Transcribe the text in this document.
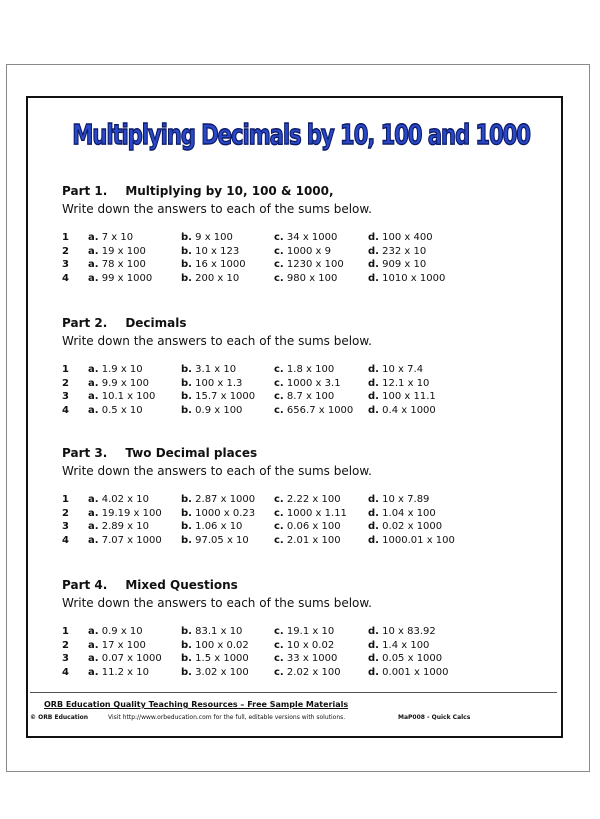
Multiplying Decimals by 10, 100 and 1000
Part 1. Multiplying by 10, 100 & 1000,
Write down the answers to each of the sums below.
1 a. 7 x 10	b. 9 x 100	c. 34 x 1000	d. 100 x 400
2 a. 19 x 100	b. 10 x 123	c. 1000 x 9	d. 232 x 10
3 a. 78 x 100	b. 16 x 1000	c. 1230 x 100 d. 909 x 10
4 a. 99 x 1000	b. 200 x 10	c. 980 x 100	d. 1010 x 1000
Part 2. Decimals
Write down the answers to each of the sums below.
1 a. 1.9 x 10	b. 3.1 x 10	c. 1.8 x 100	d. 10 x 7.4
2 a. 9.9 x 100	b. 100 x 1.3	c. 1000 x 3.1	d. 12.1 x 10
3 a. 10.1 x 100	b. 15.7 x 1000 c. 8.7 x 100	d. 100 x 11.1
4 a. 0.5 x 10	b. 0.9 x 100	c. 656.7 x 1000 d. 0.4 x 1000
Part 3. Two Decimal places
Write down the answers to each of the sums below.
1 a. 4.02 x 10	b. 2.87 x 1000 c. 2.22 x 100	d. 10 x 7.89
2 a. 19.19 x 100 b. 1000 x 0.23 c. 1000 x 1.11 d. 1.04 x 100
3 a. 2.89 x 10	b. 1.06 x 10	c. 0.06 x 100	d. 0.02 x 1000
4 a. 7.07 x 1000 b. 97.05 x 10	c. 2.01 x 100	d. 1000.01 x 100
Part 4. Mixed Questions
Write down the answers to each of the sums below.
1 a. 0.9 x 10	b. 83.1 x 10	c. 19.1 x 10	d. 10 x 83.92
2 a. 17 x 100	b. 100 x 0.02	c. 10 x 0.02	d. 1.4 x 100
3 a. 0.07 x 1000 b. 1.5 x 1000	c. 33 x 1000	d. 0.05 x 1000
4 a. 11.2 x 10	b. 3.02 x 100	c. 2.02 x 100	d. 0.001 x 1000
ORB Education Quality Teaching Resources – Free Sample Materials
© ORB Education	Visit http://www.orbeducation.com for the full, editable versions with solutions.	MaP008 - Quick Calcs
